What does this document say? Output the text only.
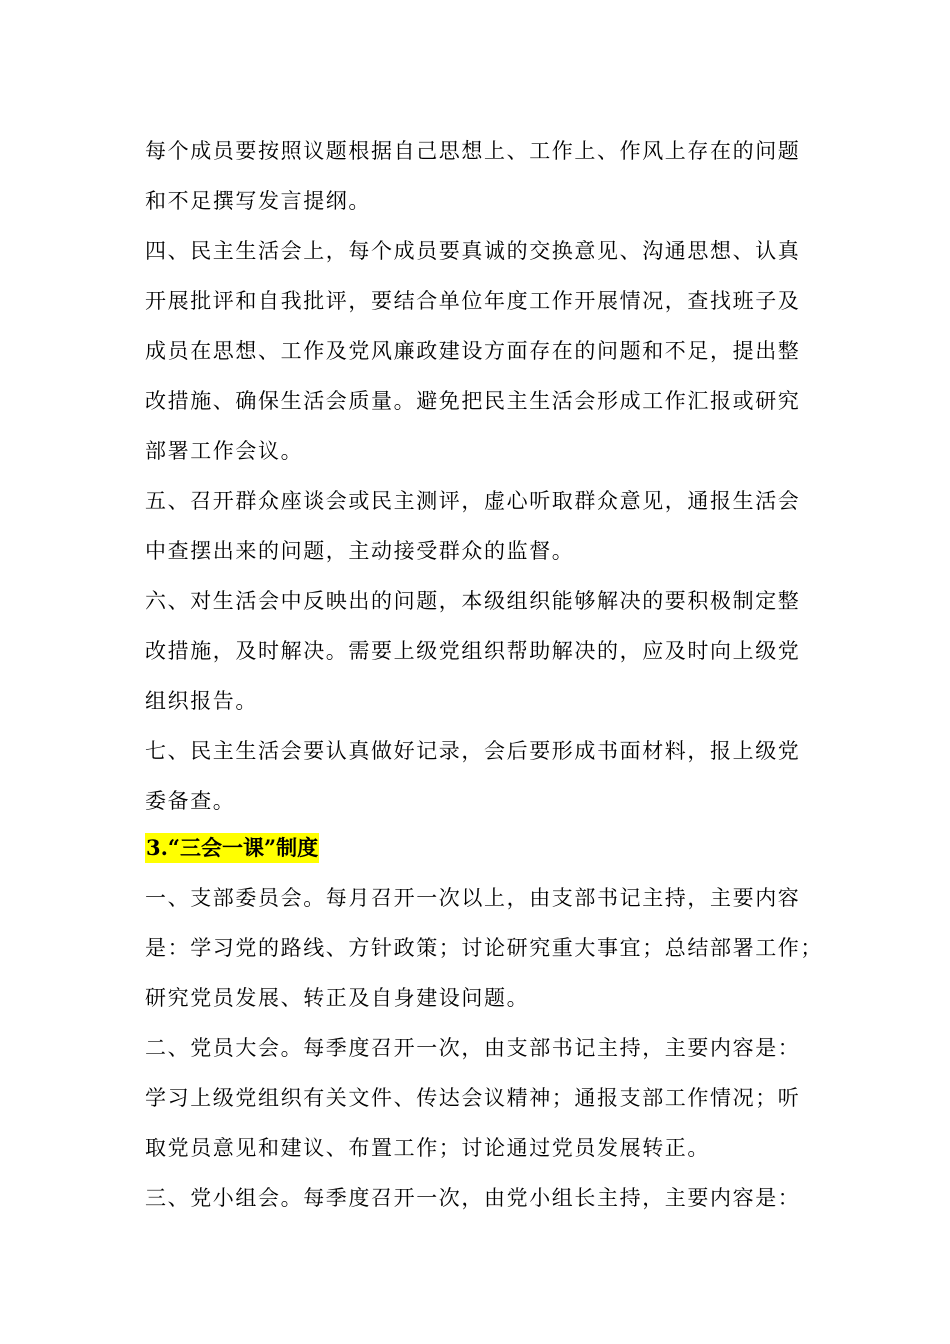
每个成员要按照议题根据自己思想上、工作上、作风上存在的问题
和不足撰写发言提纲。
四、民主生活会上，每个成员要真诚的交换意见、沟通思想、认真
开展批评和自我批评，要结合单位年度工作开展情况，查找班子及
成员在思想、工作及党风廉政建设方面存在的问题和不足，提出整
改措施、确保生活会质量。避免把民主生活会形成工作汇报或研究
部署工作会议。
五、召开群众座谈会或民主测评，虚心听取群众意见，通报生活会
中查摆出来的问题，主动接受群众的监督。
六、对生活会中反映出的问题，本级组织能够解决的要积极制定整
改措施，及时解决。需要上级党组织帮助解决的，应及时向上级党
组织报告。
七、民主生活会要认真做好记录，会后要形成书面材料，报上级党
委备查。
3.“三会一课”制度
一、支部委员会。每月召开一次以上，由支部书记主持，主要内容
是：学习党的路线、方针政策；讨论研究重大事宜；总结部署工作；
研究党员发展、转正及自身建设问题。
二、党员大会。每季度召开一次，由支部书记主持，主要内容是：
学习上级党组织有关文件、传达会议精神；通报支部工作情况；听
取党员意见和建议、布置工作；讨论通过党员发展转正。
三、党小组会。每季度召开一次，由党小组长主持，主要内容是：
